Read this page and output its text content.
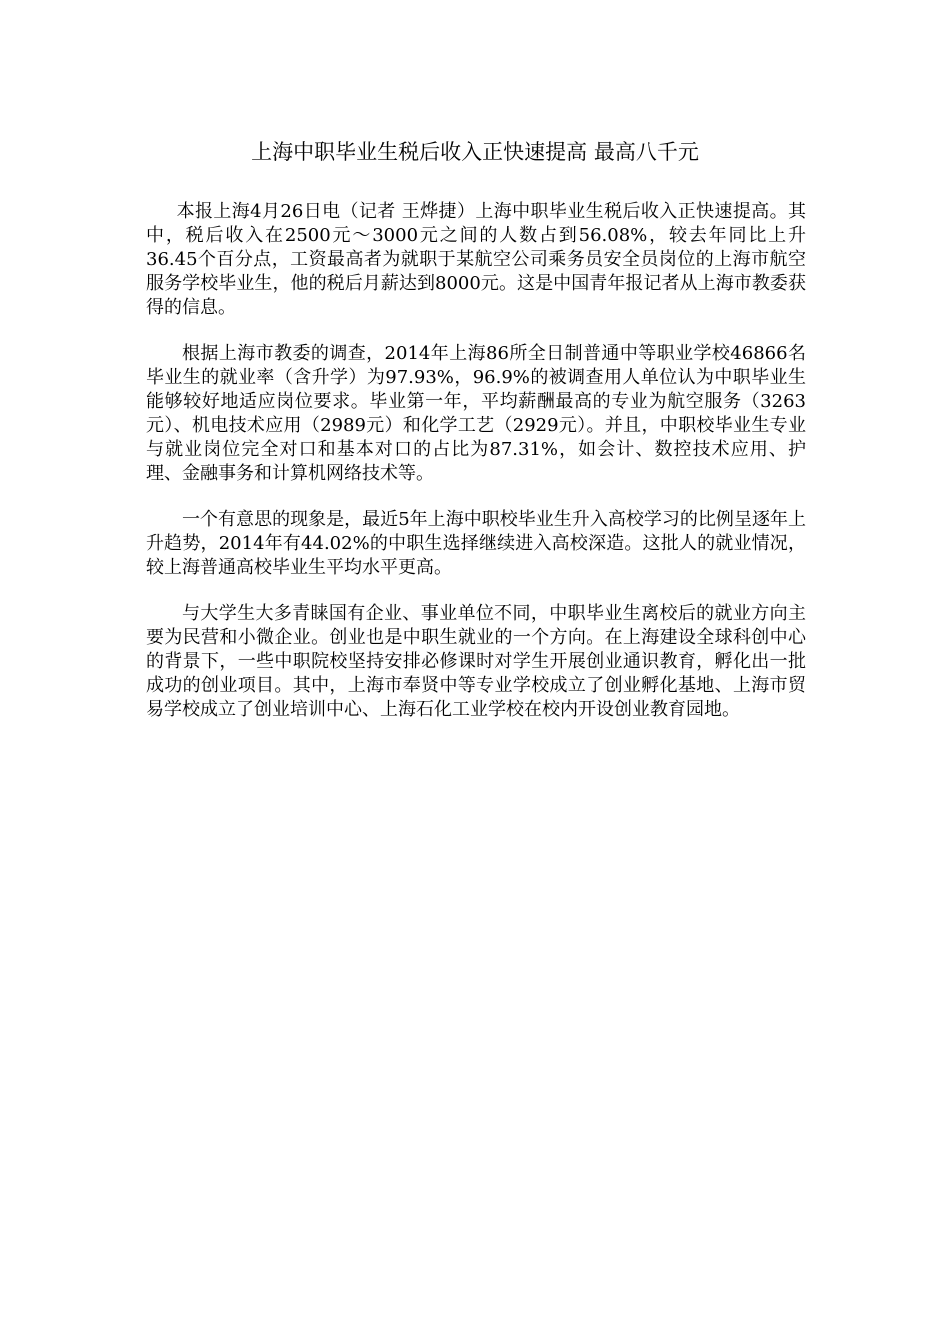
上海中职毕业生税后收入正快速提高 最高八千元

本报上海4月26日电（记者 王烨捷）上海中职毕业生税后收入正快速提高。其中，税后收入在2500元～3000元之间的人数占到56.08%，较去年同比上升36.45个百分点，工资最高者为就职于某航空公司乘务员安全员岗位的上海市航空服务学校毕业生，他的税后月薪达到8000元。这是中国青年报记者从上海市教委获得的信息。

根据上海市教委的调查，2014年上海86所全日制普通中等职业学校46866名毕业生的就业率（含升学）为97.93%，96.9%的被调查用人单位认为中职毕业生能够较好地适应岗位要求。毕业第一年，平均薪酬最高的专业为航空服务（3263元）、机电技术应用（2989元）和化学工艺（2929元）。并且，中职校毕业生专业与就业岗位完全对口和基本对口的占比为87.31%，如会计、数控技术应用、护理、金融事务和计算机网络技术等。

一个有意思的现象是，最近5年上海中职校毕业生升入高校学习的比例呈逐年上升趋势，2014年有44.02%的中职生选择继续进入高校深造。这批人的就业情况，较上海普通高校毕业生平均水平更高。

与大学生大多青睐国有企业、事业单位不同，中职毕业生离校后的就业方向主要为民营和小微企业。创业也是中职生就业的一个方向。在上海建设全球科创中心的背景下，一些中职院校坚持安排必修课时对学生开展创业通识教育，孵化出一批成功的创业项目。其中，上海市奉贤中等专业学校成立了创业孵化基地、上海市贸易学校成立了创业培训中心、上海石化工业学校在校内开设创业教育园地。
